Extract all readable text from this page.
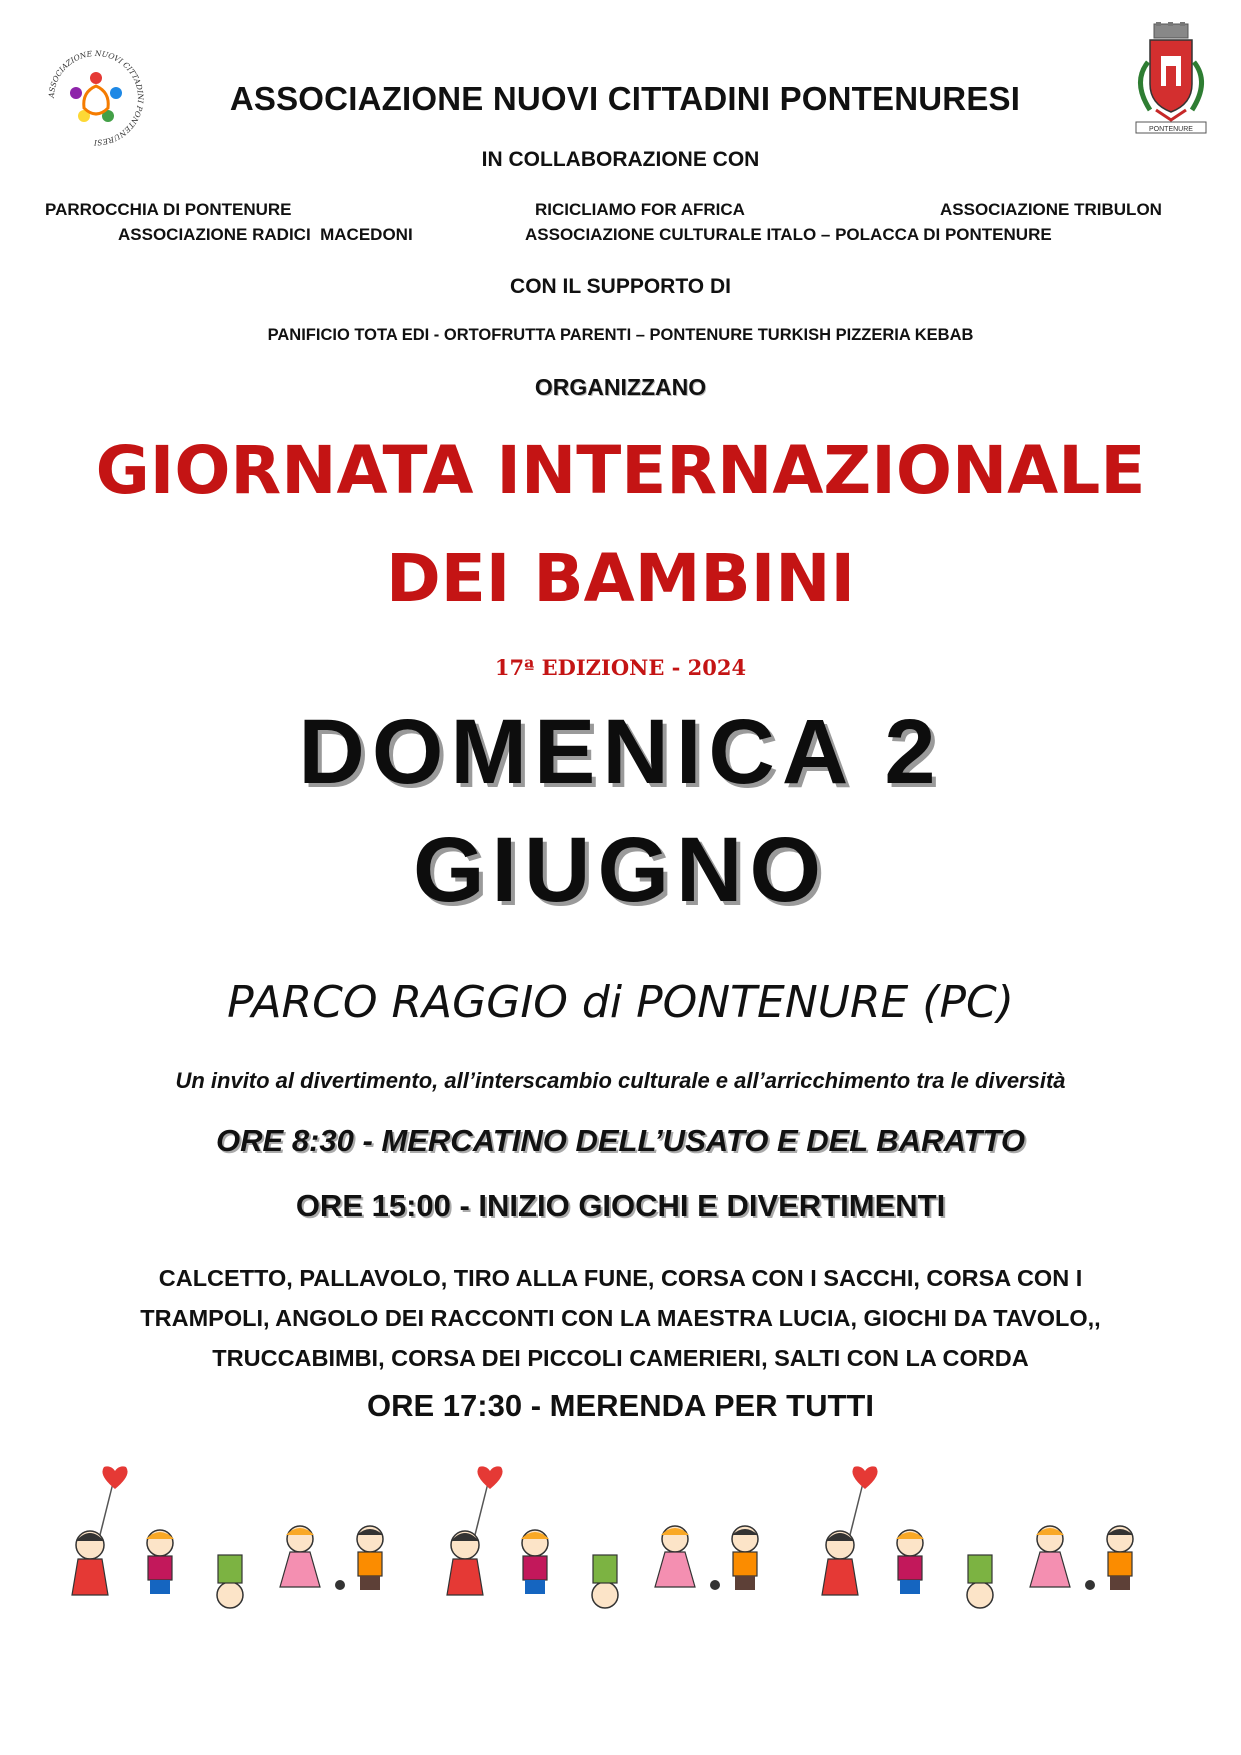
ASSOCIAZIONE NUOVI CITTADINI PONTENURESI
PONTENURE
ASSOCIAZIONE NUOVI CITTADINI PONTENURESI
IN COLLABORAZIONE CON
PARROCCHIA DI PONTENURE	RICICLIAMO FOR AFRICA	ASSOCIAZIONE TRIBULON
ASSOCIAZIONE RADICI  MACEDONI	ASSOCIAZIONE CULTURALE ITALO – POLACCA DI PONTENURE
CON IL SUPPORTO DI
PANIFICIO TOTA EDI - ORTOFRUTTA PARENTI – PONTENURE TURKISH PIZZERIA KEBAB
ORGANIZZANO
GIORNATA INTERNAZIONALE
DEI BAMBINI
17ª EDIZIONE - 2024
DOMENICA 2
GIUGNO
PARCO RAGGIO di PONTENURE (PC)
Un invito al divertimento, all’interscambio culturale e all’arricchimento tra le diversità
ORE 8:30 - MERCATINO DELL’USATO E DEL BARATTO
ORE 15:00 - INIZIO GIOCHI E DIVERTIMENTI
CALCETTO, PALLAVOLO, TIRO ALLA FUNE, CORSA CON I SACCHI, CORSA CON I
TRAMPOLI, ANGOLO DEI RACCONTI CON LA MAESTRA LUCIA, GIOCHI DA TAVOLO,,
TRUCCABIMBI, CORSA DEI PICCOLI CAMERIERI, SALTI CON LA CORDA
ORE 17:30 - MERENDA PER TUTTI
